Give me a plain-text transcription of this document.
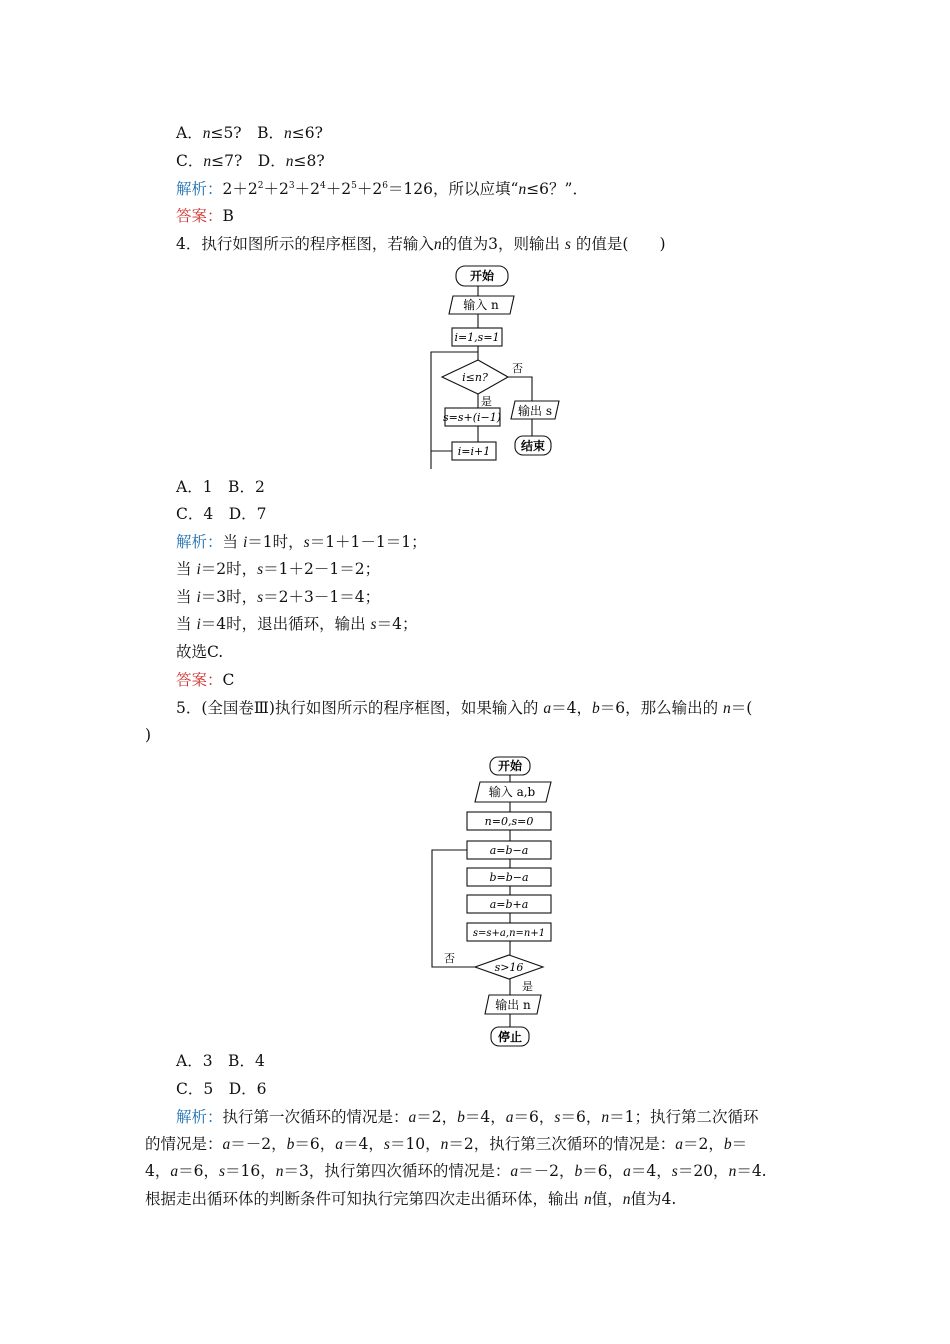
A．n≤5?　B．n≤6?
C．n≤7?　D．n≤8?
解析：$2+2^2+2^3+2^4+2^5+2^6=126$，所以应填“n≤6？”．
答案：B
4．执行如图所示的程序框图，若输入n的值为3，则输出 s 的值是(　　)
开始
输入 n
i=1,s=1
i≤n?
否
是
s=s+(i−1)
i=i+1
输出 s
结束
A．1　B．2
C．4　D．7
解析：当 i＝1时，s＝1＋1－1＝1；
当 i＝2时，s＝1＋2－1＝2；
当 i＝3时，s＝2＋3－1＝4；
当 i＝4时，退出循环，输出 s＝4；
故选C.
答案：C
5．(全国卷Ⅲ)执行如图所示的程序框图，如果输入的 a＝4，b＝6，那么输出的 n＝(
)
开始
输入 a,b
n=0,s=0
a=b−a
b=b−a
a=b+a
s=s+a,n=n+1
s>16
否
是
输出 n
停止
A．3　B．4
C．5　D．6
解析：执行第一次循环的情况是：a＝2，b＝4，a＝6，s＝6，n＝1；执行第二次循环
的情况是：a＝－2，b＝6，a＝4，s＝10，n＝2，执行第三次循环的情况是：a＝2，b＝
4，a＝6，s＝16，n＝3，执行第四次循环的情况是：a＝－2，b＝6，a＝4，s＝20，n＝4.
根据走出循环体的判断条件可知执行完第四次走出循环体，输出 n值，n值为4.
